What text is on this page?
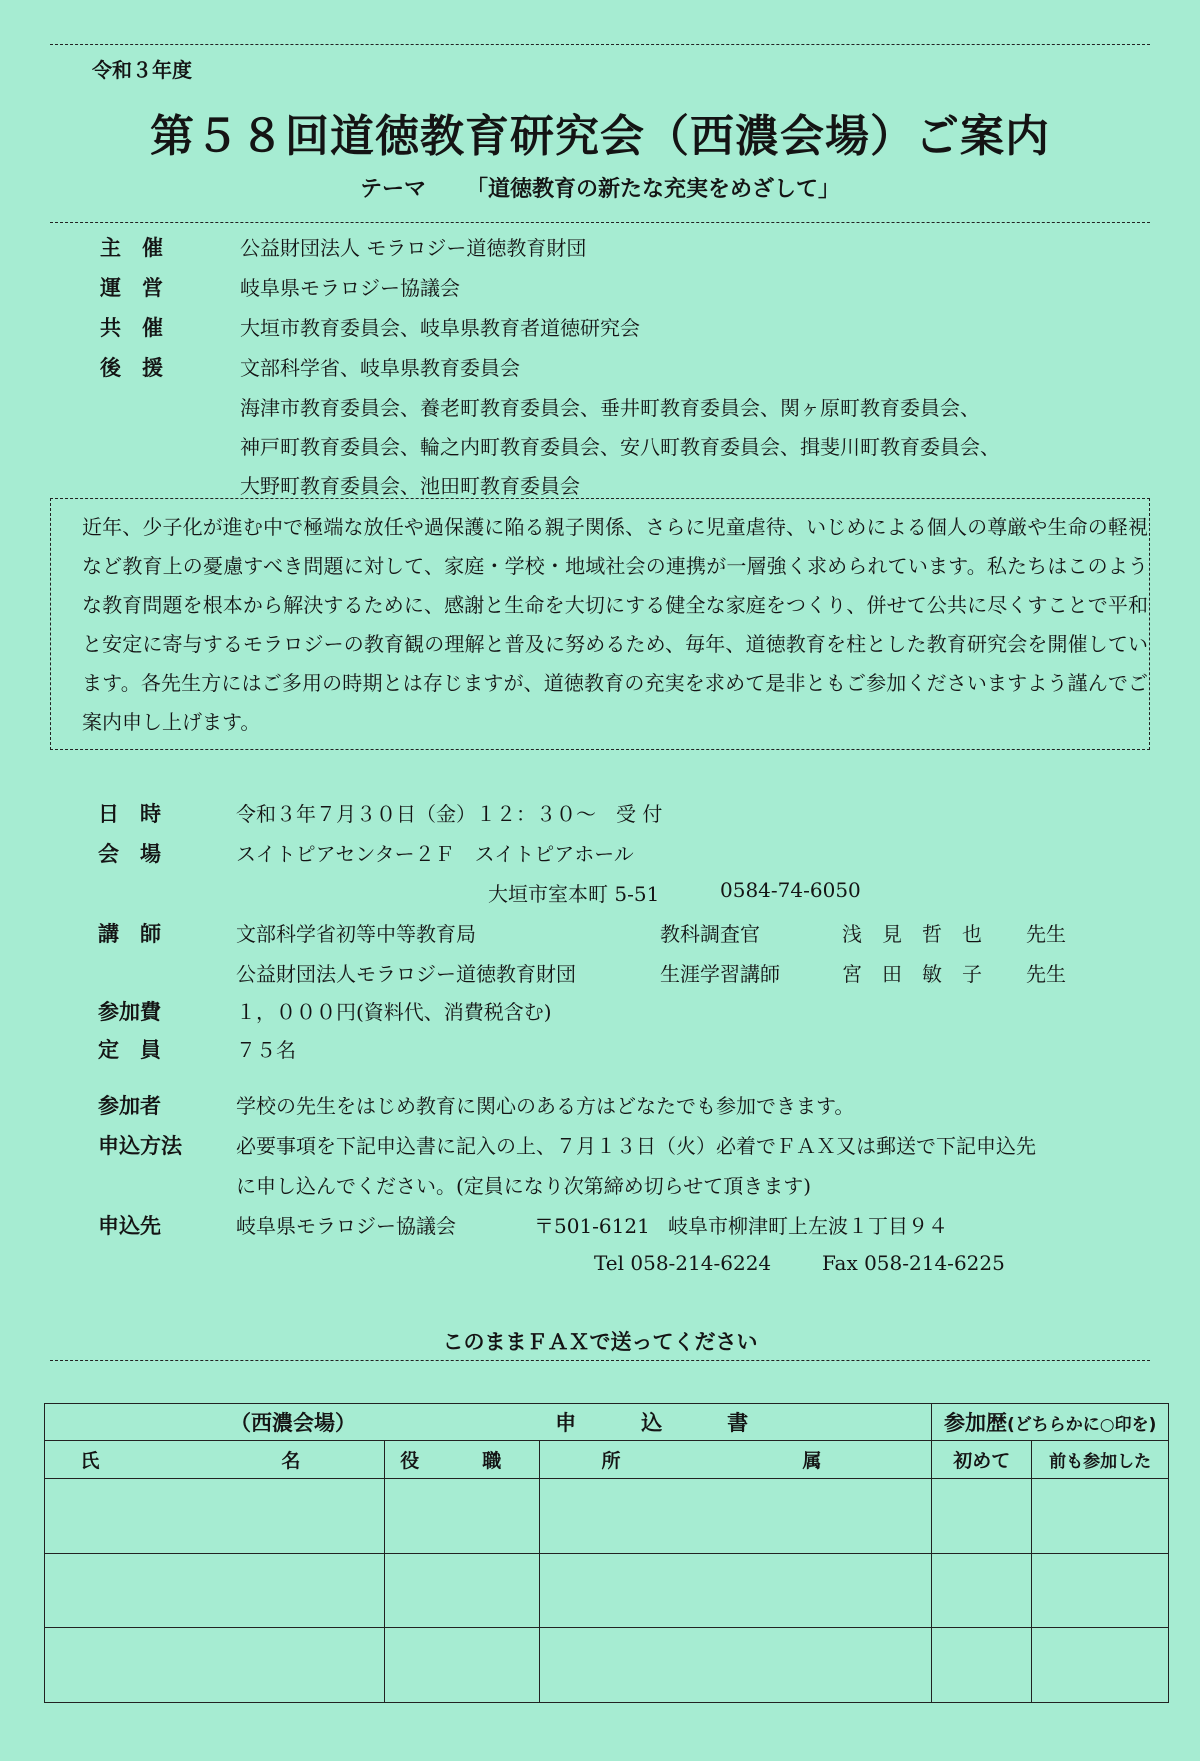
令和３年度
第５８回道徳教育研究会（西濃会場）ご案内
テーマ 「道徳教育の新たな充実をめざして」
主　催	公益財団法人 モラロジー道徳教育財団
運　営	岐阜県モラロジー協議会
共　催	大垣市教育委員会、岐阜県教育者道徳研究会
後　援	文部科学省、岐阜県教育委員会
海津市教育委員会、養老町教育委員会、垂井町教育委員会、関ヶ原町教育委員会、
神戸町教育委員会、輪之内町教育委員会、安八町教育委員会、揖斐川町教育委員会、
大野町教育委員会、池田町教育委員会
近年、少子化が進む中で極端な放任や過保護に陥る親子関係、さらに児童虐待、いじめによる個人の尊厳や生命の軽視など教育上の憂慮すべき問題に対して、家庭・学校・地域社会の連携が一層強く求められています。私たちはこのような教育問題を根本から解決するために、感謝と生命を大切にする健全な家庭をつくり、併せて公共に尽くすことで平和と安定に寄与するモラロジーの教育観の理解と普及に努めるため、毎年、道徳教育を柱とした教育研究会を開催しています。各先生方にはご多用の時期とは存じますが、道徳教育の充実を求めて是非ともご参加くださいますよう謹んでご案内申し上げます。
日　時	令和３年７月３０日（金）１２：３０～　受 付
会　場	スイトピアセンター２Ｆ　スイトピアホール
大垣市室本町 5-51	0584-74-6050
講　師	文部科学省初等中等教育局	教科調査官	浅　見　哲　也 先生
公益財団法人モラロジー道徳教育財団	生涯学習講師	宮　田　敏　子 先生
参加費	１，０００円(資料代、消費税含む)
定　員	７５名
参加者	学校の先生をはじめ教育に関心のある方はどなたでも参加できます。
申込方法	必要事項を下記申込書に記入の上、７月１３日（火）必着でＦＡＸ又は郵送で下記申込先
に申し込んでください。(定員になり次第締め切らせて頂きます)
申込先	岐阜県モラロジー協議会	〒501-6121 岐阜市柳津町上左波１丁目９４
Tel 058-214-6224	Fax 058-214-6225
このままＦＡＸで送ってください
（西濃会場）		申　込　書	参加歴(どちらかに○印を)	
氏　　名	役　職	所　　属	初めて	前も参加した
